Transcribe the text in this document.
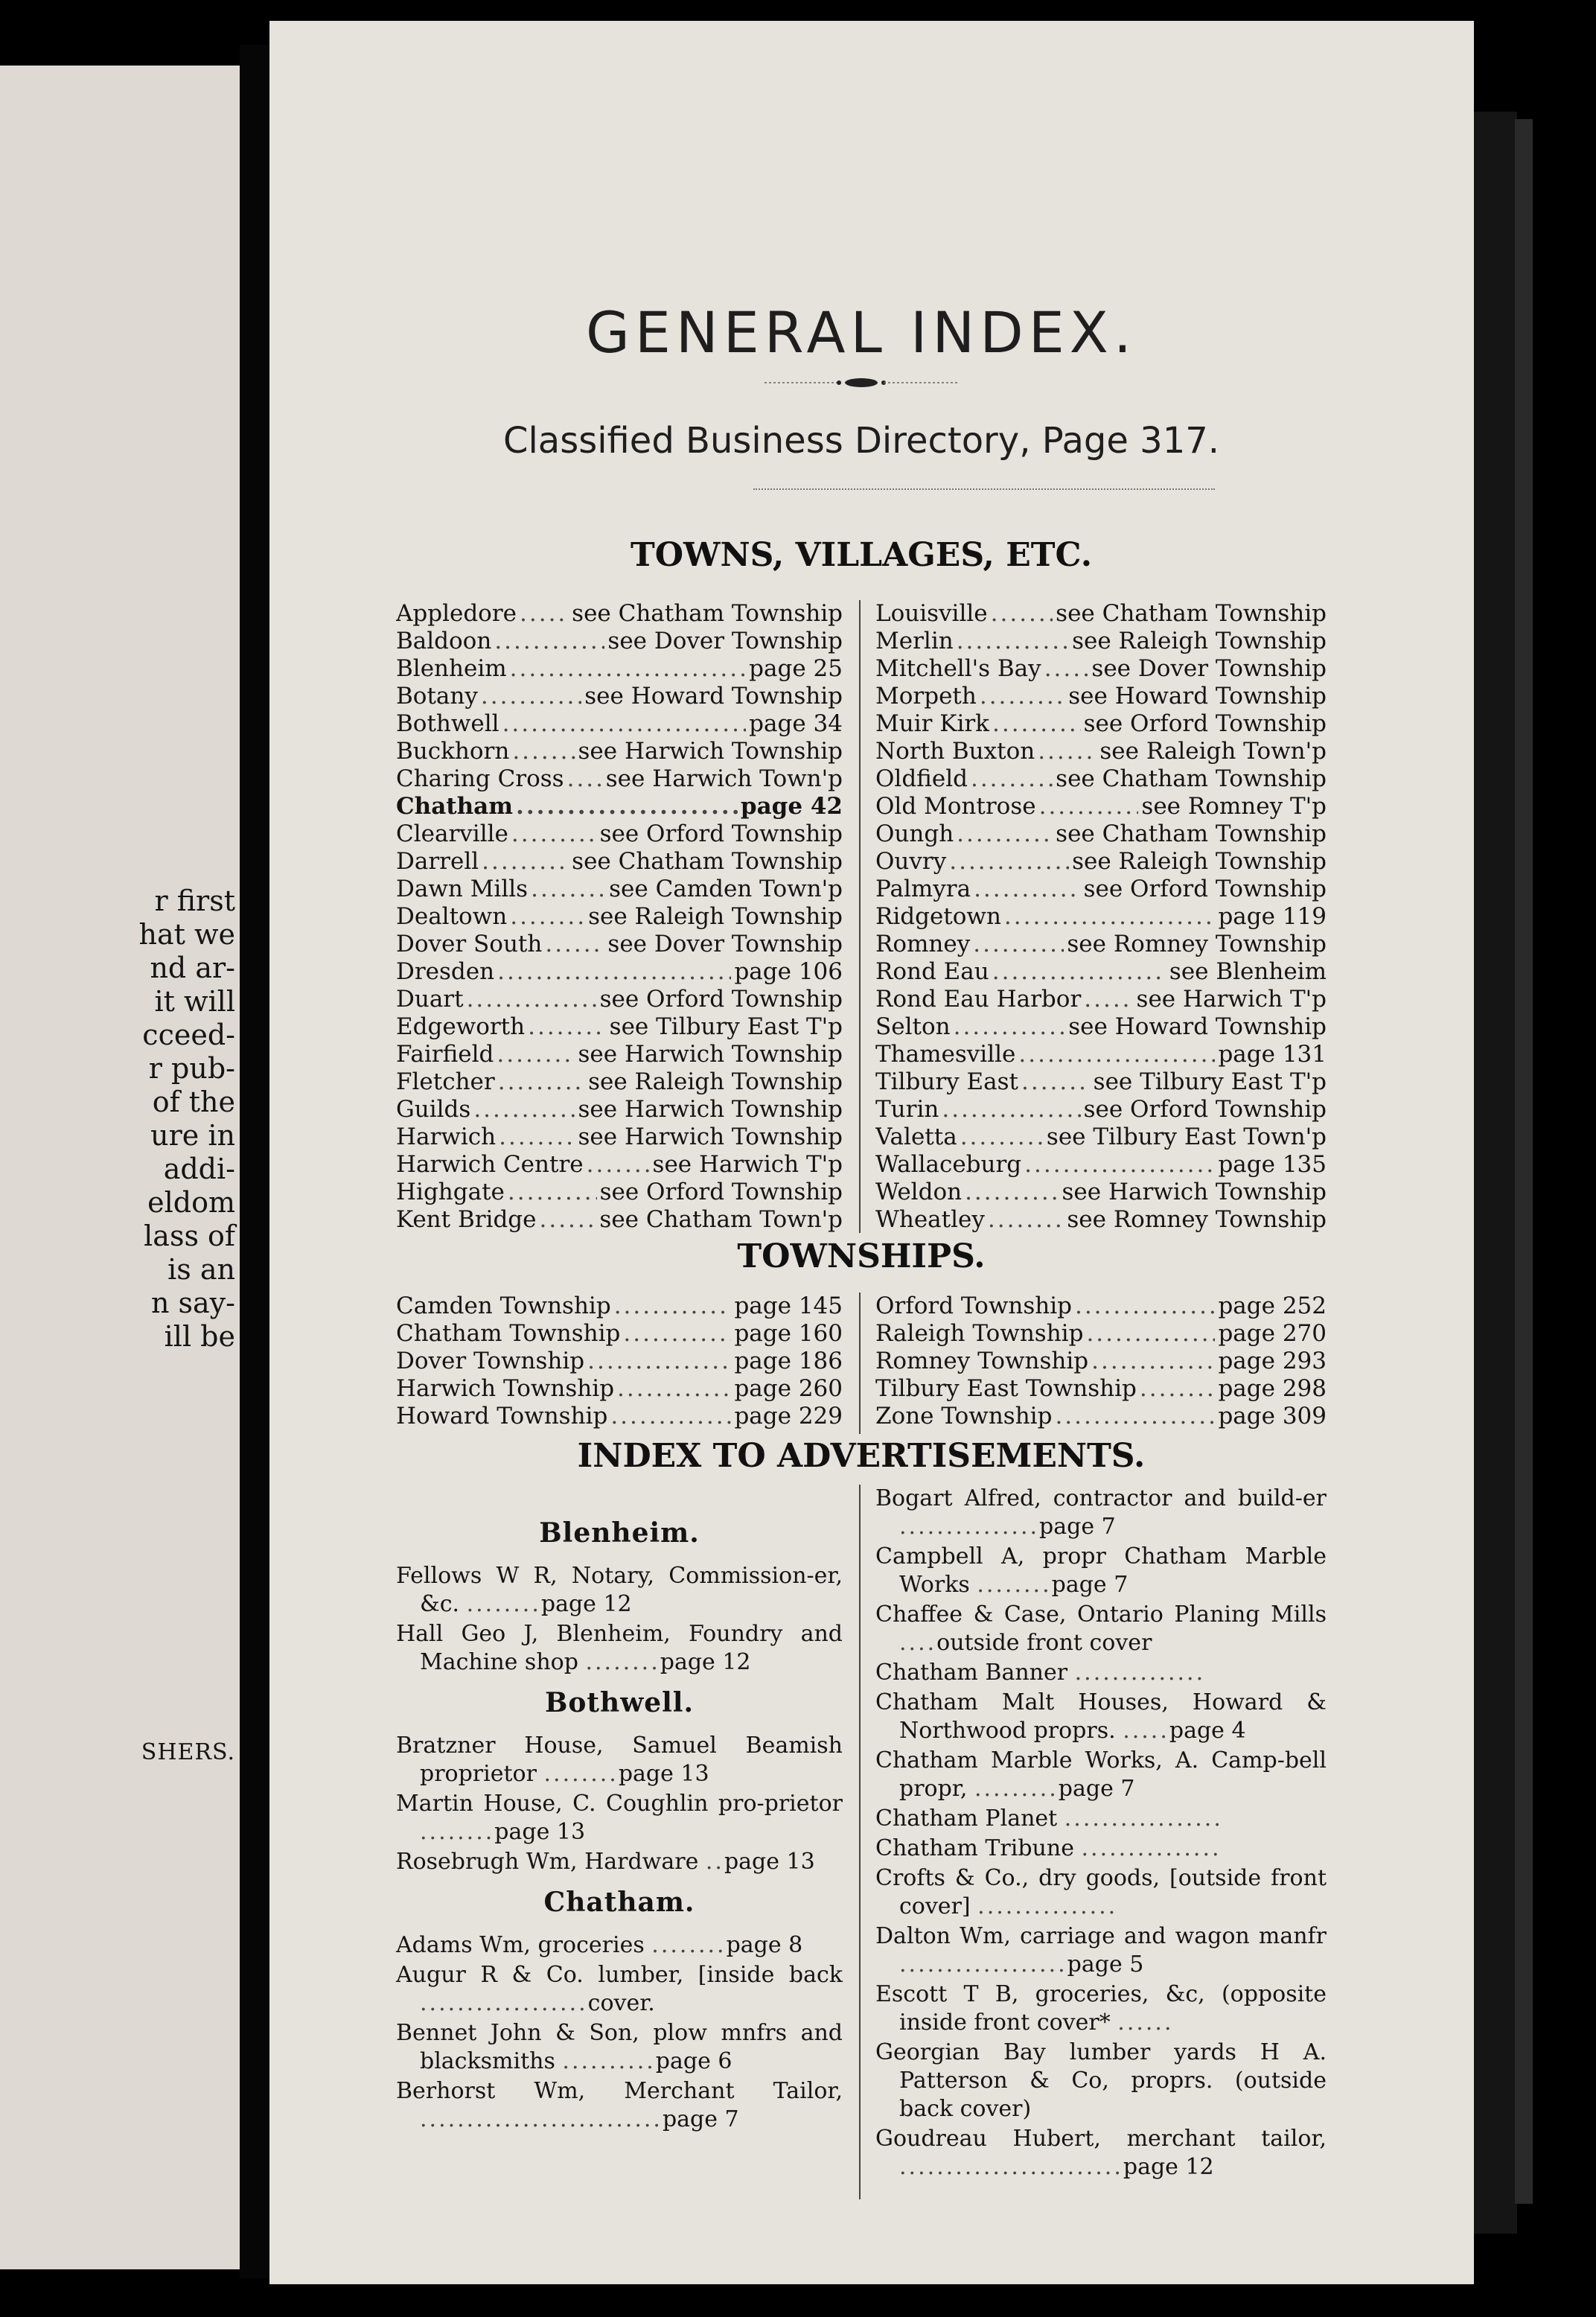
r first
hat we
nd ar-
it will
cceed-
r pub-
of the
ure in
addi-
eldom
lass of
is an
n say-
ill be
SHERS.
GENERAL INDEX.
Classified Business Directory, Page 317.
TOWNS, VILLAGES, ETC.
Appledore ..... see Chatham Township
Baldoon .....	see Dover Township
Blenheim .....	page 25
Botany .....	see Howard Township
Bothwell .....	page 34
Buckhorn .....	see Harwich Township
Charing Cross ..... see Harwich Town'p
Chatham .....	page 42
Clearville .....	see Orford Township
Darrell .....	see Chatham Township
Dawn Mills .....	see Camden Town'p
Dealtown .....	see Raleigh Township
Dover South .....	see Dover Township
Dresden .....	page 106
Duart .....	see Orford Township
Edgeworth .....	see Tilbury East T'p
Fairfield .....	see Harwich Township
Fletcher .....	see Raleigh Township
Guilds .....	see Harwich Township
Harwich .....	see Harwich Township
Harwich Centre .....	see Harwich T'p
Highgate .....	see Orford Township
Kent Bridge .....	see Chatham Town'p
Louisville .....	see Chatham Township
Merlin .....	see Raleigh Township
Mitchell's Bay ..... see Dover Township
Morpeth .....	see Howard Township
Muir Kirk .....	see Orford Township
North Buxton .....	see Raleigh Town'p
Oldfield .....	see Chatham Township
Old Montrose .....	see Romney T'p
Oungh .....	see Chatham Township
Ouvry .....	see Raleigh Township
Palmyra .....	see Orford Township
Ridgetown .....	page 119
Romney .....	see Romney Township
Rond Eau .....	see Blenheim
Rond Eau Harbor ..... see Harwich T'p
Selton .....	see Howard Township
Thamesville .....	page 131
Tilbury East .....	see Tilbury East T'p
Turin .....	see Orford Township
Valetta .....	see Tilbury East Town'p
Wallaceburg .....	page 135
Weldon .....	see Harwich Township
Wheatley .....	see Romney Township
TOWNSHIPS.
Camden Township .....	page 145
Chatham Township .....	page 160
Dover Township .....	page 186
Harwich Township .....	page 260
Howard Township .....	page 229
Orford Township .....	page 252
Raleigh Township .....	page 270
Romney Township .....	page 293
Tilbury East Township .....	page 298
Zone Township .....	page 309
INDEX TO ADVERTISEMENTS.
Blenheim.
Fellows W R, Notary, Commission-er, &c. ........page 12
Hall Geo J, Blenheim, Foundry and Machine shop ........page 12
Bothwell.
Bratzner House, Samuel Beamish proprietor ........page 13
Martin House, C. Coughlin pro-prietor ........page 13
Rosebrugh Wm, Hardware ..page 13
Chatham.
Adams Wm, groceries ........page 8
Augur R & Co. lumber, [inside back ..................cover.
Bennet John & Son, plow mnfrs and blacksmiths ..........page 6
Berhorst Wm, Merchant Tailor, ..........................page 7
Bogart Alfred, contractor and build-er ...............page 7
Campbell A, propr Chatham Marble Works ........page 7
Chaffee & Case, Ontario Planing Mills ....outside front cover
Chatham Banner ..............
Chatham Malt Houses, Howard & Northwood proprs. .....page 4
Chatham Marble Works, A. Camp-bell propr, .........page 7
Chatham Planet .................
Chatham Tribune ...............
Crofts & Co., dry goods, [outside front cover] ...............
Dalton Wm, carriage and wagon manfr ..................page 5
Escott T B, groceries, &c, (opposite inside front cover* ......
Georgian Bay lumber yards H A. Patterson & Co, proprs. (outside back cover)
Goudreau Hubert, merchant tailor, ........................page 12
